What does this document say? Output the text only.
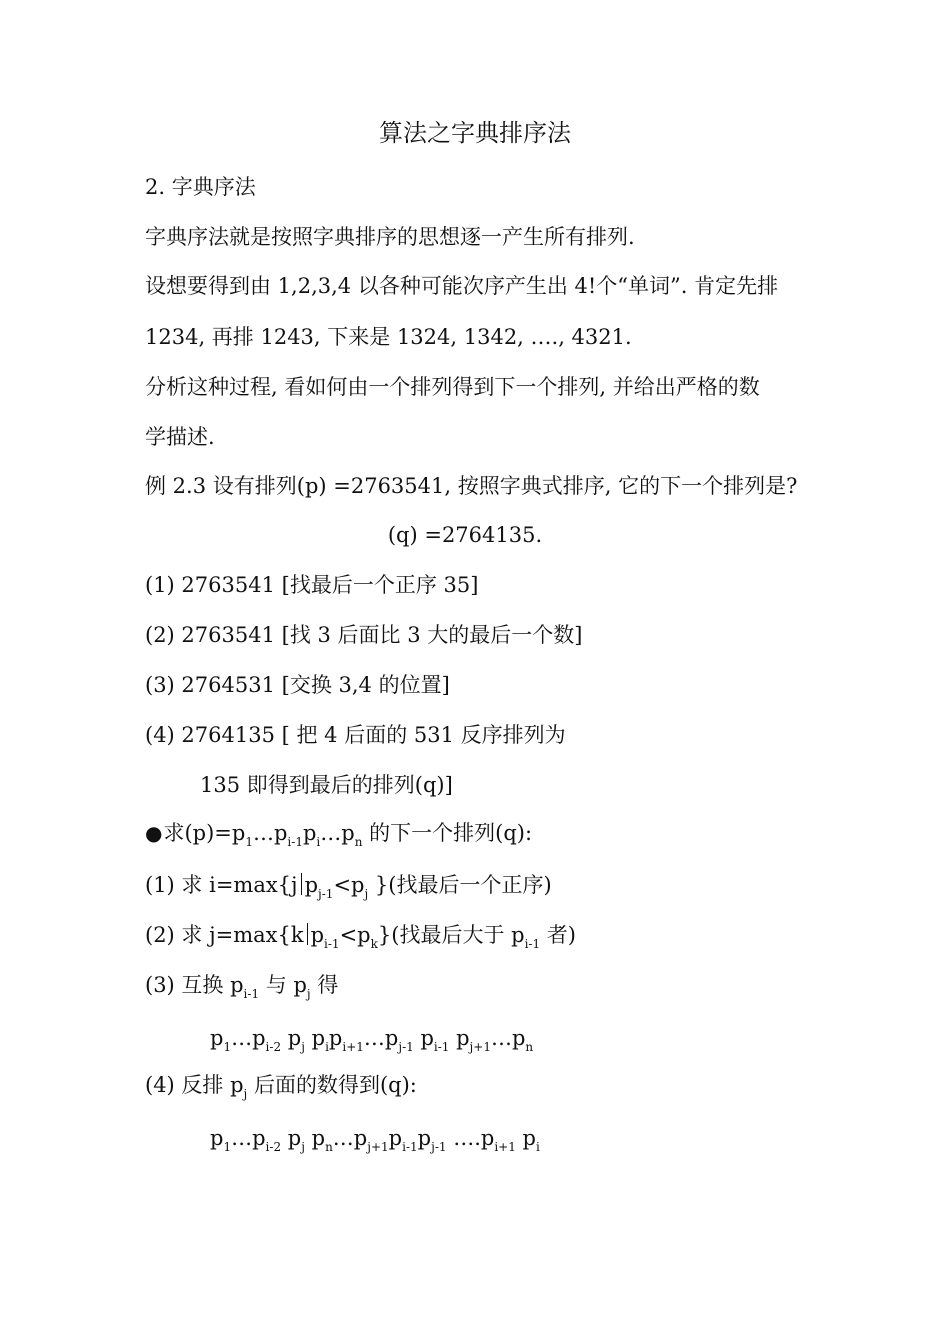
算法之字典排序法
2. 字典序法
字典序法就是按照字典排序的思想逐一产生所有排列.
设想要得到由 1,2,3,4 以各种可能次序产生出 4!个“单词”. 肯定先排
1234, 再排 1243, 下来是 1324, 1342, …., 4321.
分析这种过程, 看如何由一个排列得到下一个排列, 并给出严格的数
学描述.
例 2.3 设有排列(p) =2763541, 按照字典式排序, 它的下一个排列是?
(q) =2764135.
(1) 2763541 [找最后一个正序 35]
(2) 2763541 [找 3 后面比 3 大的最后一个数]
(3) 2764531 [交换 3,4 的位置]
(4) 2764135 [ 把 4 后面的 531 反序排列为
135 即得到最后的排列(q)]
●求$(p)=p_1\dots p_{i-1}p_i\dots p_n$ 的下一个排列(q):
(1) 求 i=max{j $p_{j-1}<p_j$ }(找最后一个正序)
(2) 求 j=max{k $p_{i-1}<p_k$}(找最后大于 $p_{i-1}$ 者)
(3) 互换 $p_{i-1}$ 与 $p_j$ 得
$p_1\dots p_{i-2}$ $p_j$ $p_ip_{i+1}\dots p_{j-1}$ $p_{i-1}$ $p_{j+1}\dots p_n$
(4) 反排 $p_j$ 后面的数得到(q):
$p_1\dots p_{i-2}$ $p_j$ $p_n\dots p_{j+1}p_{i-1}p_{j-1}$ $\dots.p_{i+1}$ $p_i$
